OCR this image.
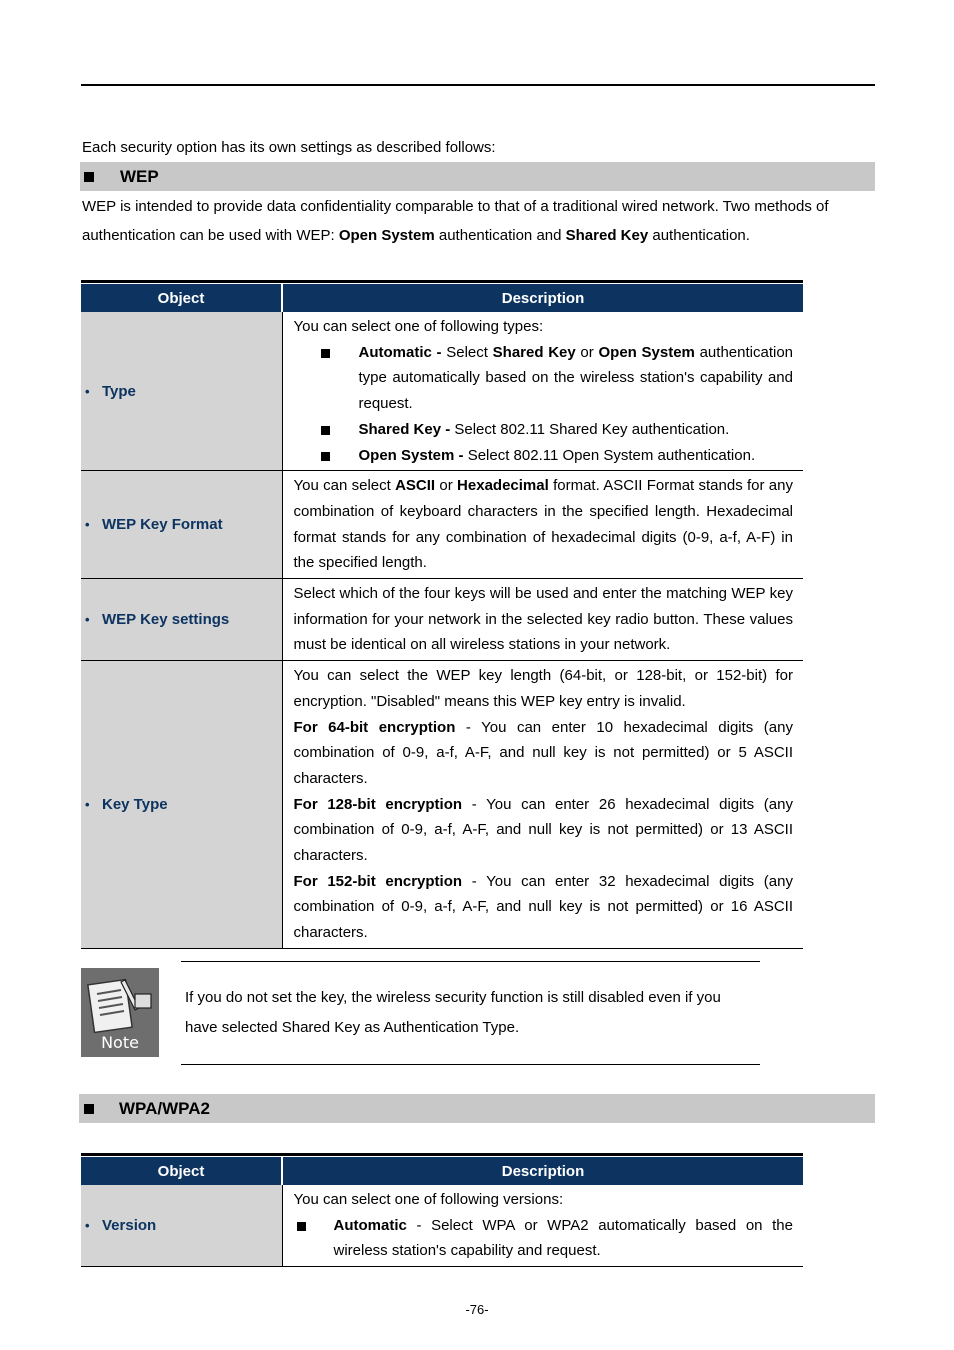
Each security option has its own settings as described follows:
WEP
WEP is intended to provide data confidentiality comparable to that of a traditional wired network. Two methods of
authentication can be used with WEP: Open System authentication and Shared Key authentication.
Object	Description
• Type	You can select one of following types:
Automatic - Select Shared Key or Open System authentication type automatically based on the wireless station's capability and request.
Shared Key - Select 802.11 Shared Key authentication.
Open System - Select 802.11 Open System authentication.

• WEP Key Format	You can select ASCII or Hexadecimal format. ASCII Format stands for any combination of keyboard characters in the specified length. Hexadecimal format stands for any combination of hexadecimal digits (0-9, a-f, A-F) in the specified length.
• WEP Key settings	Select which of the four keys will be used and enter the matching WEP key information for your network in the selected key radio button. These values must be identical on all wireless stations in your network.
• Key Type	You can select the WEP key length (64-bit, or 128-bit, or 152-bit) for encryption. "Disabled" means this WEP key entry is invalid.
For 64-bit encryption - You can enter 10 hexadecimal digits (any combination of 0-9, a-f, A-F, and null key is not permitted) or 5 ASCII characters.
For 128-bit encryption - You can enter 26 hexadecimal digits (any combination of 0-9, a-f, A-F, and null key is not permitted) or 13 ASCII characters.
For 152-bit encryption - You can enter 32 hexadecimal digits (any combination of 0-9, a-f, A-F, and null key is not permitted) or 16 ASCII characters.
Note
If you do not set the key, the wireless security function is still disabled even if you
have selected Shared Key as Authentication Type.
WPA/WPA2
Object	Description
• Version	You can select one of following versions:
Automatic - Select WPA or WPA2 automatically based on the wireless station's capability and request.
-76-
